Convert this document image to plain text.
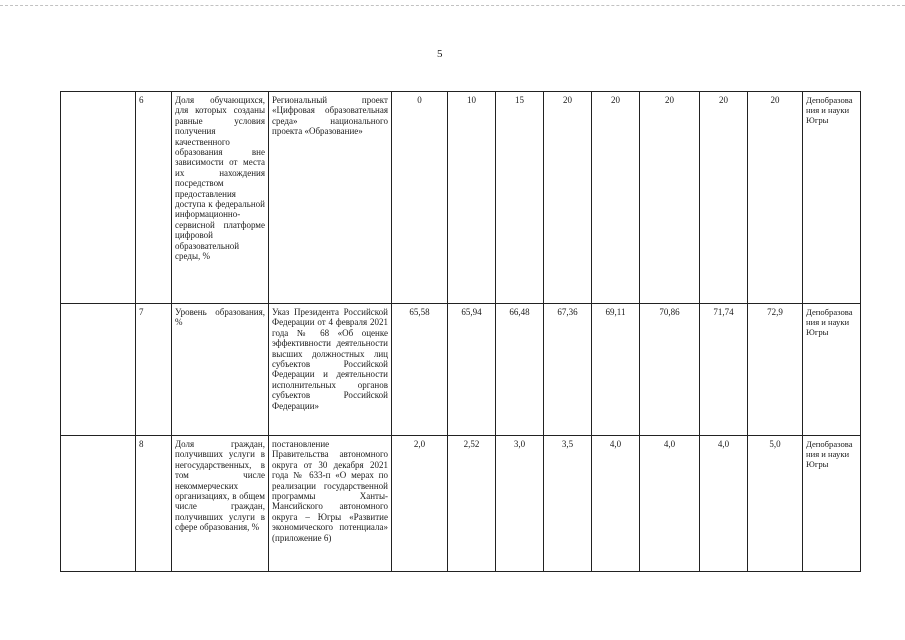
5
	6	Доля обучающихся, для которых созданы равные условия получения качественного образования вне зависимости от места их нахождения посредством предоставления доступа к федеральной информационно-сервисной платформе цифровой образовательной среды, %	Региональный проект «Цифровая образовательная среда» национального проекта «Образование»	0	10	15	20	20	20	20	20	Депобразования и науки Югры
	7	Уровень образования, %	Указ Президента Российской Федерации от 4 февраля 2021 года № 68 «Об оценке эффективности деятельности высших должностных лиц субъектов Российской Федерации и деятельности исполнительных органов субъектов Российской Федерации»	65,58	65,94	66,48	67,36	69,11	70,86	71,74	72,9	Депобразования и науки Югры
	8	Доля граждан, получивших услуги в негосударственных, в том числе некоммерческих организациях, в общем числе граждан, получивших услуги в сфере образования, %	постановление Правительства автономного округа от 30 декабря 2021 года № 633-п «О мерах по реализации государственной программы Ханты-Мансийского автономного округа – Югры «Развитие экономического потенциала» (приложение 6)	2,0	2,52	3,0	3,5	4,0	4,0	4,0	5,0	Депобразования и науки Югры
